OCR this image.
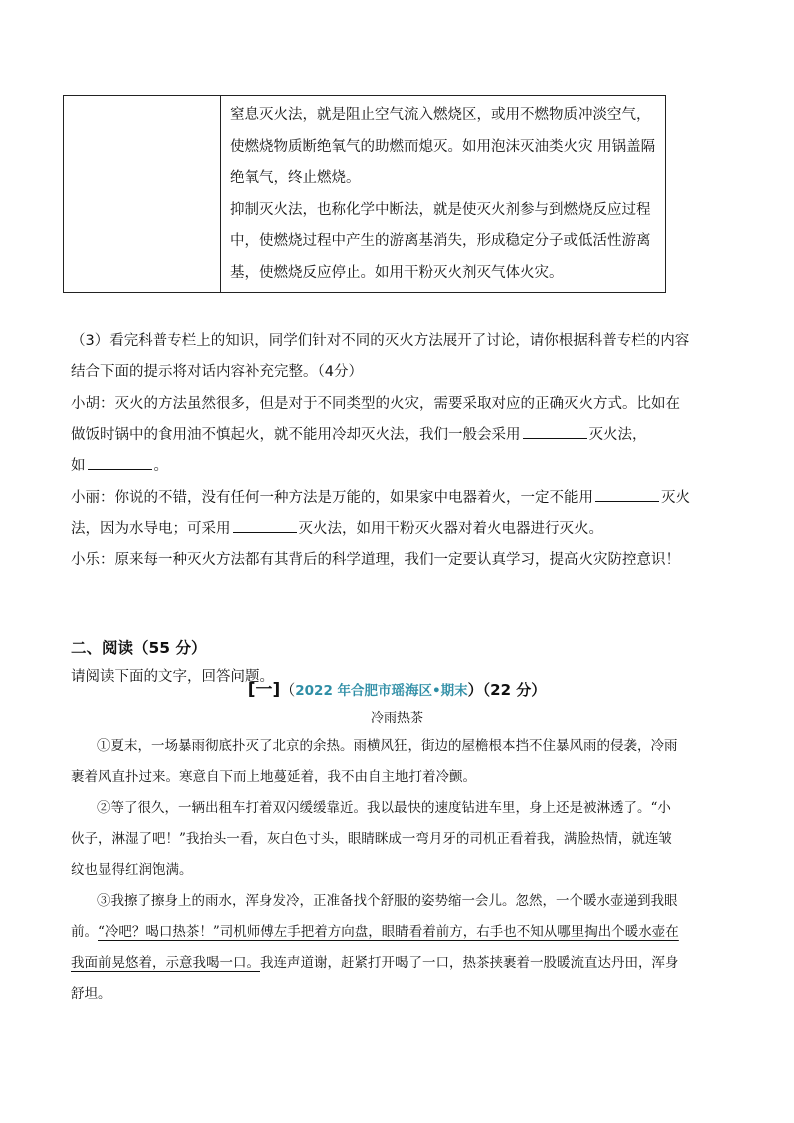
窒息灭火法，就是阻止空气流入燃烧区，或用不燃物质冲淡空气，使燃烧物质断绝氧气的助燃而熄灭。如用泡沫灭油类火灾 用锅盖隔绝氧气，终止燃烧。

抑制灭火法，也称化学中断法，就是使灭火剂参与到燃烧反应过程中，使燃烧过程中产生的游离基消失，形成稳定分子或低活性游离基，使燃烧反应停止。如用干粉灭火剂灭气体火灾。

（3）看完科普专栏上的知识，同学们针对不同的灭火方法展开了讨论，请你根据科普专栏的内容结合下面的提示将对话内容补充完整。（4分）

小胡：灭火的方法虽然很多，但是对于不同类型的火灾，需要采取对应的正确灭火方式。比如在做饭时锅中的食用油不慎起火，就不能用冷却灭火法，我们一般会采用	灭火法，
如	。

小丽：你说的不错，没有任何一种方法是万能的，如果家中电器着火，一定不能用	灭火法，因为水导电；可采用	灭火法，如用干粉灭火器对着火电器进行灭火。

小乐：原来每一种灭火方法都有其背后的科学道理，我们一定要认真学习，提高火灾防控意识！

二、阅读（55 分）

请阅读下面的文字，回答问题。

[一]（2022 年合肥市瑶海区•期末）（22 分）

冷雨热茶

①夏末，一场暴雨彻底扑灭了北京的余热。雨横风狂，街边的屋檐根本挡不住暴风雨的侵袭，冷雨裹着风直扑过来。寒意自下而上地蔓延着，我不由自主地打着冷颤。

②等了很久，一辆出租车打着双闪缓缓靠近。我以最快的速度钻进车里，身上还是被淋透了。“小伙子，淋湿了吧！”我抬头一看，灰白色寸头，眼睛眯成一弯月牙的司机正看着我，满脸热情，就连皱纹也显得红润饱满。

③我擦了擦身上的雨水，浑身发冷，正准备找个舒服的姿势缩一会儿。忽然，一个暖水壶递到我眼前。“冷吧？喝口热茶！”司机师傅左手把着方向盘，眼睛看着前方，右手也不知从哪里掏出个暖水壶在我面前晃悠着，示意我喝一口。我连声道谢，赶紧打开喝了一口，热茶挟裹着一股暖流直达丹田，浑身舒坦。
